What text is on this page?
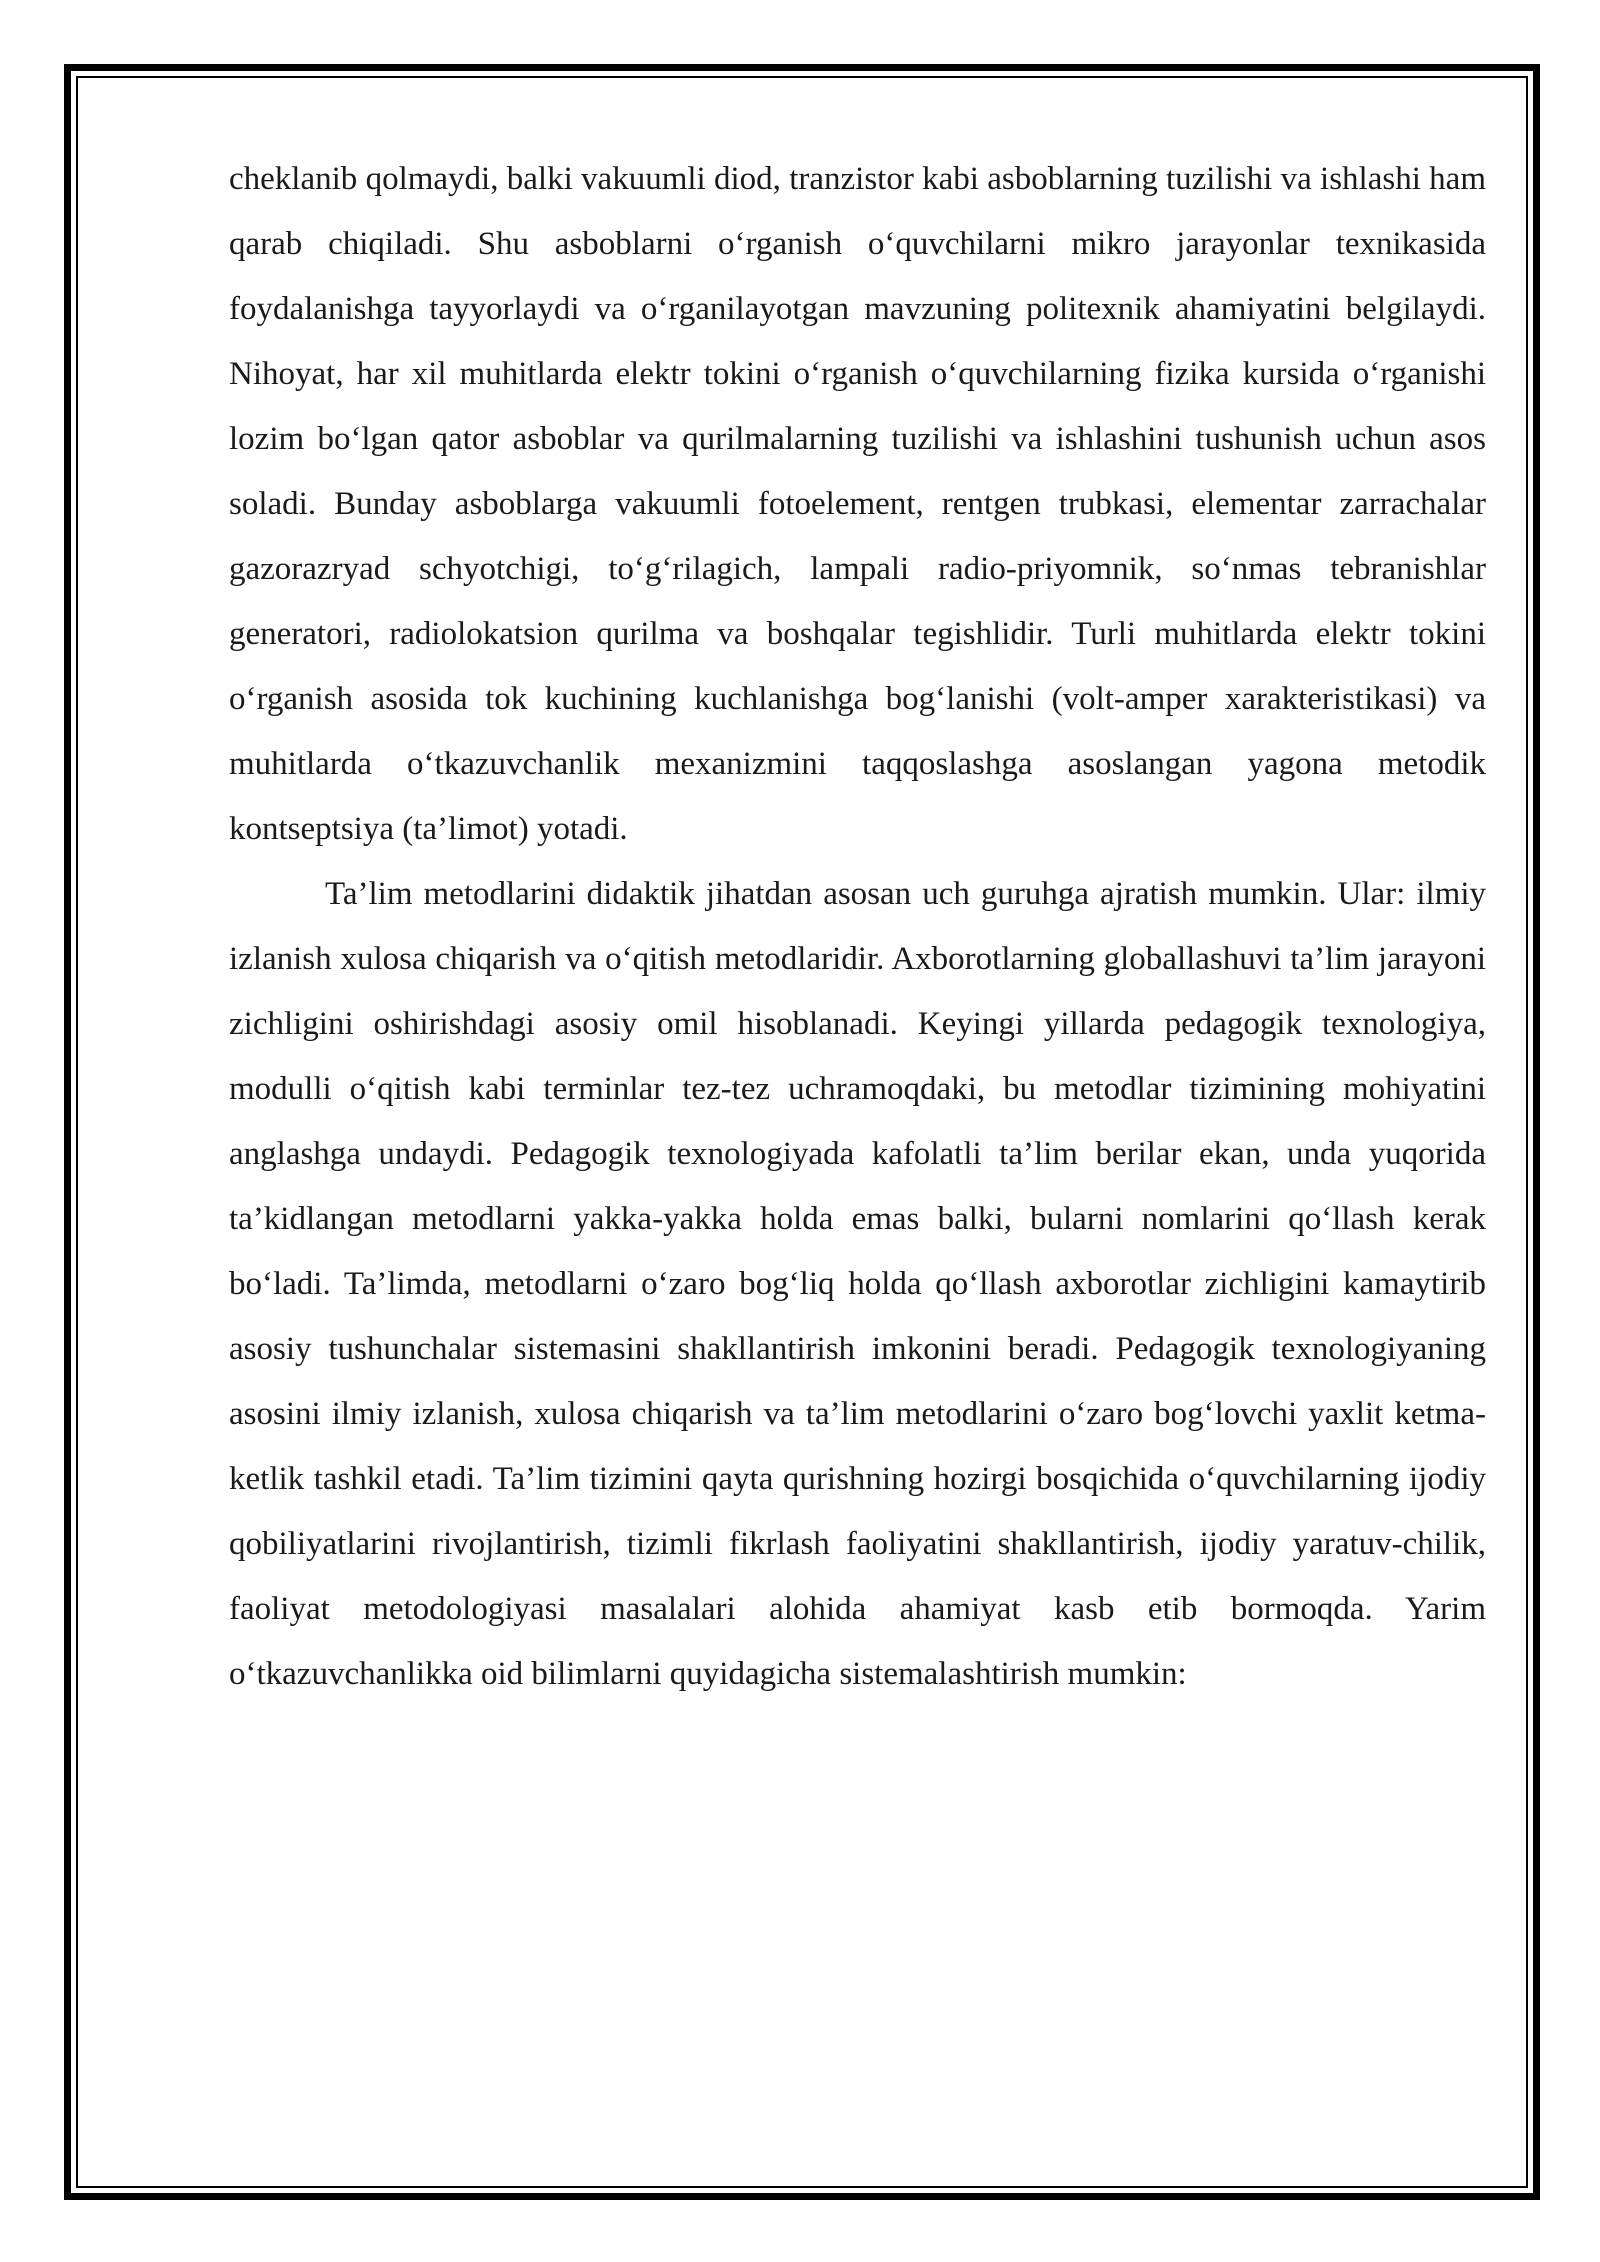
cheklanib qolmaydi, balki vakuumli diod, tranzistor kabi asboblarning tuzilishi va ishlashi ham qarab chiqiladi. Shu asboblarni oʻrganish oʻquvchilarni mikro jarayonlar texnikasida foydalanishga tayyorlaydi va oʻrganilayotgan mavzuning politexnik ahamiyatini belgilaydi. Nihoyat, har xil muhitlarda elektr tokini oʻrganish oʻquvchilarning fizika kursida oʻrganishi lozim boʻlgan qator asboblar va qurilmalarning tuzilishi va ishlashini tushunish uchun asos soladi. Bunday asboblarga vakuumli fotoelement, rentgen trubkasi, elementar zarrachalar gazorazryad schyotchigi, toʻgʻrilagich, lampali radio-priyomnik, soʻnmas tebranishlar generatori, radiolokatsion qurilma va boshqalar tegishlidir. Turli muhitlarda elektr tokini oʻrganish asosida tok kuchining kuchlanishga bogʻlanishi (volt-amper xarakteristikasi) va muhitlarda oʻtkazuvchanlik mexanizmini taqqoslashga asoslangan yagona metodik kontseptsiya (ta’limot) yotadi.

Ta’lim metodlarini didaktik jihatdan asosan uch guruhga ajratish mumkin. Ular: ilmiy izlanish xulosa chiqarish va oʻqitish metodlaridir. Axborotlarning globallashuvi ta’lim jarayoni zichligini oshirishdagi asosiy omil hisoblanadi. Keyingi yillarda pedagogik texnologiya, modulli oʻqitish kabi terminlar tez-tez uchramoqdaki, bu metodlar tizimining mohiyatini anglashga undaydi. Pedagogik texnologiyada kafolatli ta’lim berilar ekan, unda yuqorida ta’kidlangan metodlarni yakka-yakka holda emas balki, bularni nomlarini qoʻllash kerak boʻladi. Ta’limda, metodlarni oʻzaro bogʻliq holda qoʻllash axborotlar zichligini kamaytirib asosiy tushunchalar sistemasini shakllantirish imkonini beradi. Pedagogik texnologiyaning asosini ilmiy izlanish, xulosa chiqarish va ta’lim metodlarini oʻzaro bogʻlovchi yaxlit ketma-ketlik tashkil etadi. Ta’lim tizimini qayta qurishning hozirgi bosqichida oʻquvchilarning ijodiy qobiliyatlarini rivojlantirish, tizimli fikrlash faoliyatini shakllantirish, ijodiy yaratuv-chilik, faoliyat metodologiyasi masalalari alohida ahamiyat kasb etib bormoqda. Yarim oʻtkazuvchanlikka oid bilimlarni quyidagicha sistemalashtirish mumkin:
